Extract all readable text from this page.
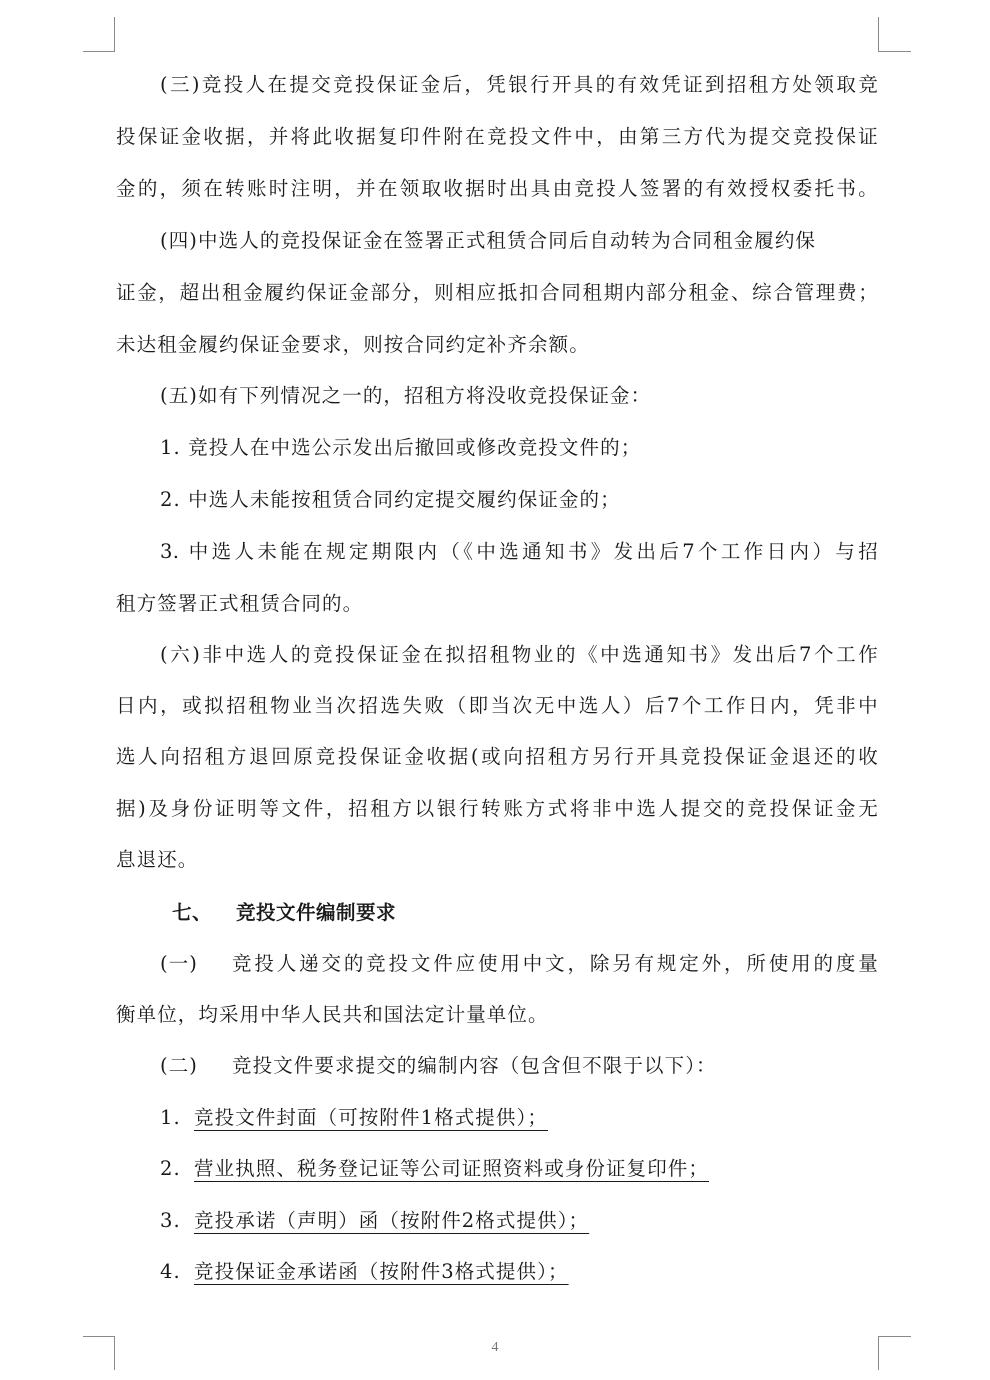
(三)竞投人在提交竞投保证金后，凭银行开具的有效凭证到招租方处领取竞
投保证金收据，并将此收据复印件附在竞投文件中，由第三方代为提交竞投保证
金的，须在转账时注明，并在领取收据时出具由竞投人签署的有效授权委托书。
(四)中选人的竞投保证金在签署正式租赁合同后自动转为合同租金履约保
证金，超出租金履约保证金部分，则相应抵扣合同租期内部分租金、综合管理费；
未达租金履约保证金要求，则按合同约定补齐余额。
(五)如有下列情况之一的，招租方将没收竞投保证金：
1. 竞投人在中选公示发出后撤回或修改竞投文件的；
2. 中选人未能按租赁合同约定提交履约保证金的；
3. 中选人未能在规定期限内（《中选通知书》发出后7个工作日内）与招
租方签署正式租赁合同的。
(六)非中选人的竞投保证金在拟招租物业的《中选通知书》发出后7个工作
日内，或拟招租物业当次招选失败（即当次无中选人）后7个工作日内，凭非中
选人向招租方退回原竞投保证金收据(或向招租方另行开具竞投保证金退还的收
据)及身份证明等文件，招租方以银行转账方式将非中选人提交的竞投保证金无
息退还。
七、 竞投文件编制要求
(一)	竞投人递交的竞投文件应使用中文，除另有规定外，所使用的度量
衡单位，均采用中华人民共和国法定计量单位。
(二) 竞投文件要求提交的编制内容（包含但不限于以下）：
1. 竞投文件封面（可按附件1格式提供）；
2. 营业执照、税务登记证等公司证照资料或身份证复印件；
3. 竞投承诺（声明）函（按附件2格式提供）；
4. 竞投保证金承诺函（按附件3格式提供）；
4
